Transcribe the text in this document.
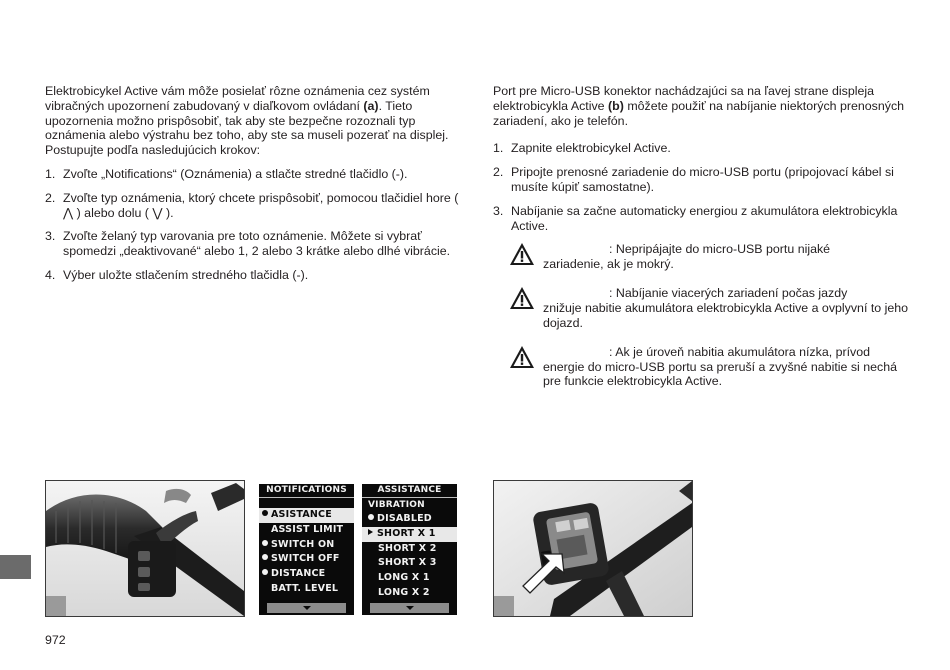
Elektrobicykel Active vám môže posielať rôzne oznámenia cez systém vibračných upozornení zabudovaný v diaľkovom ovládaní (a). Tieto upozornenia možno prispôsobiť, tak aby ste bezpečne rozoznali typ oznámenia alebo výstrahu bez toho, aby ste sa museli pozerať na displej. Postupujte podľa nasledujúcich krokov:

1. Zvoľte „Notifications“ (Oznámenia) a stlačte stredné tlačidlo (-).
2. Zvoľte typ oznámenia, ktorý chcete prispôsobiť, pomocou tlačidiel hore ( ⋀ ) alebo dolu ( ⋁ ).
3. Zvoľte želaný typ varovania pre toto oznámenie. Môžete si vybrať spomedzi „deaktivované“ alebo 1, 2 alebo 3 krátke alebo dlhé vibrácie.
4. Výber uložte stlačením stredného tlačidla (-).

Port pre Micro-USB konektor nachádzajúci sa na ľavej strane displeja elektrobicykla Active (b) môžete použiť na nabíjanie niektorých prenosných zariadení, ako je telefón.

1. Zapnite elektrobicykel Active.
2. Pripojte prenosné zariadenie do micro-USB portu (pripojovací kábel si musíte kúpiť samostatne).
3. Nabíjanie sa začne automaticky energiou z akumulátora elektrobicykla Active.
: Nepripájajte do micro-USB portu nijaké
zariadenie, ak je mokrý.
: Nabíjanie viacerých zariadení počas jazdy
znižuje nabitie akumulátora elektrobicykla Active a ovplyvní to jeho dojazd.
: Ak je úroveň nabitia akumulátora nízka, prívod
energie do micro-USB portu sa preruší a zvyšné nabitie si nechá pre funkcie elektrobicykla Active.
NOTIFICATIONS
ASISTANCE
ASSIST LIMIT
SWITCH ON
SWITCH OFF
DISTANCE
BATT. LEVEL
ASSISTANCE
VIBRATION
DISABLED
SHORT X 1
SHORT X 2
SHORT X 3
LONG X 1
LONG X 2
972
